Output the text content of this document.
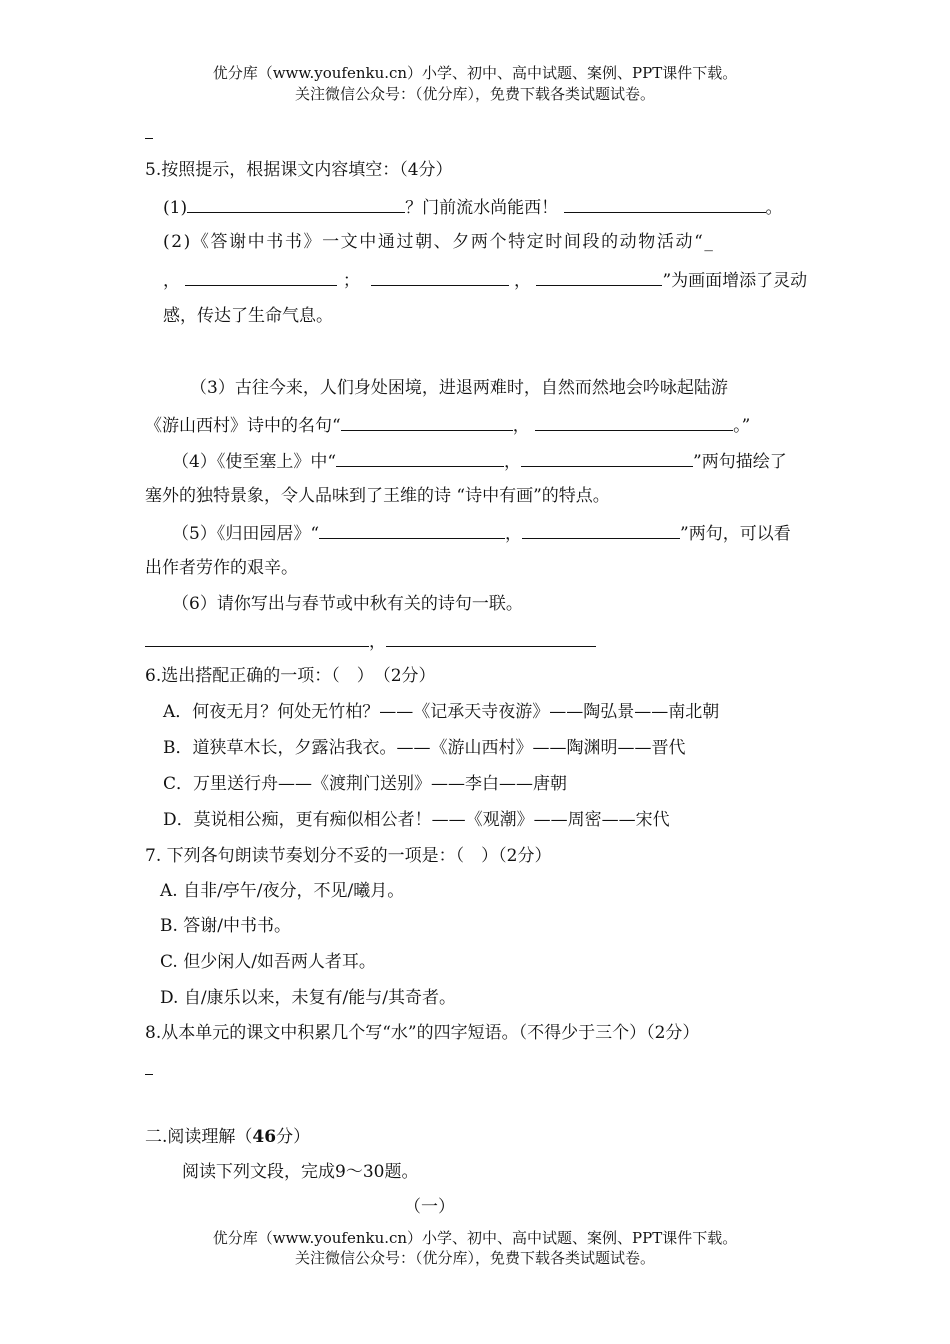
优分库（www.youfenku.cn）小学、初中、高中试题、案例、PPT课件下载。
关注微信公众号：（优分库），免费下载各类试题试卷。
5.按照提示，根据课文内容填空：（4分）
(1)	？门前流水尚能西！	。
(2)《答谢中书书》一文中通过朝、夕两个特定时间段的动物活动“_
，	；	，	”为画面增添了灵动
感，传达了生命气息。
（3）古往今来，人们身处困境，进退两难时，自然而然地会吟咏起陆游
《游山西村》诗中的名句“	，	。”
（4）《使至塞上》中“	，	”两句描绘了
塞外的独特景象，令人品味到了王维的诗 “诗中有画”的特点。
（5）《归田园居》“	，	”两句，可以看
出作者劳作的艰辛。
（6）请你写出与春节或中秋有关的诗句一联。
，
6.选出搭配正确的一项：（　）　（2分）
A．何夜无月？何处无竹柏？——《记承天寺夜游》——陶弘景——南北朝
B．道狭草木长，夕露沾我衣。——《游山西村》——陶渊明——晋代
C．万里送行舟——《渡荆门送别》——李白——唐朝
D．莫说相公痴，更有痴似相公者！——《观潮》——周密——宋代
7. 下列各句朗读节奏划分不妥的一项是：（　）（2分）
A. 自非/亭午/夜分，不见/曦月。
B. 答谢/中书书。
C. 但少闲人/如吾两人者耳。
D. 自/康乐以来，未复有/能与/其奇者。
8.从本单元的课文中积累几个写“水”的四字短语。（不得少于三个）（2分）
二.阅读理解（46分）
阅读下列文段，完成9～30题。
（一）
优分库（www.youfenku.cn）小学、初中、高中试题、案例、PPT课件下载。
关注微信公众号：（优分库），免费下载各类试题试卷。
